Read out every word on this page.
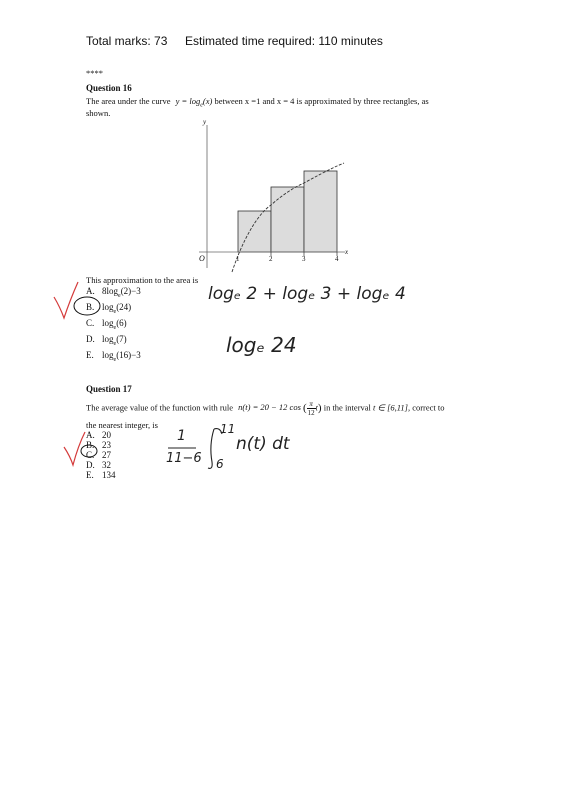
Total marks: 73 Estimated time required: 110 minutes
****
Question 16
The area under the curve $y = \log_e(x)$ between x =1 and x = 4 is approximated by three rectangles, as
shown.
y
x
O	1	2	3	4
This approximation to the area is
A. $8\log_e(2)-3$
B. $\log_e(24)$
C. $\log_e(6)$
D. $\log_e(7)$
E. $\log_e(16)-3$
logₑ 2 + logₑ 3 + logₑ 4
logₑ 24
Question 17
The average value of the function with rule n(t) = 20 − 12 $\cos (\frac{\pi}{12}t)$ in the interval t ∈ [6,11], correct to
the nearest integer, is
A. 20
B. 23
C. 27
D. 32
E. 134
1
11−6
11
6
n(t) dt
